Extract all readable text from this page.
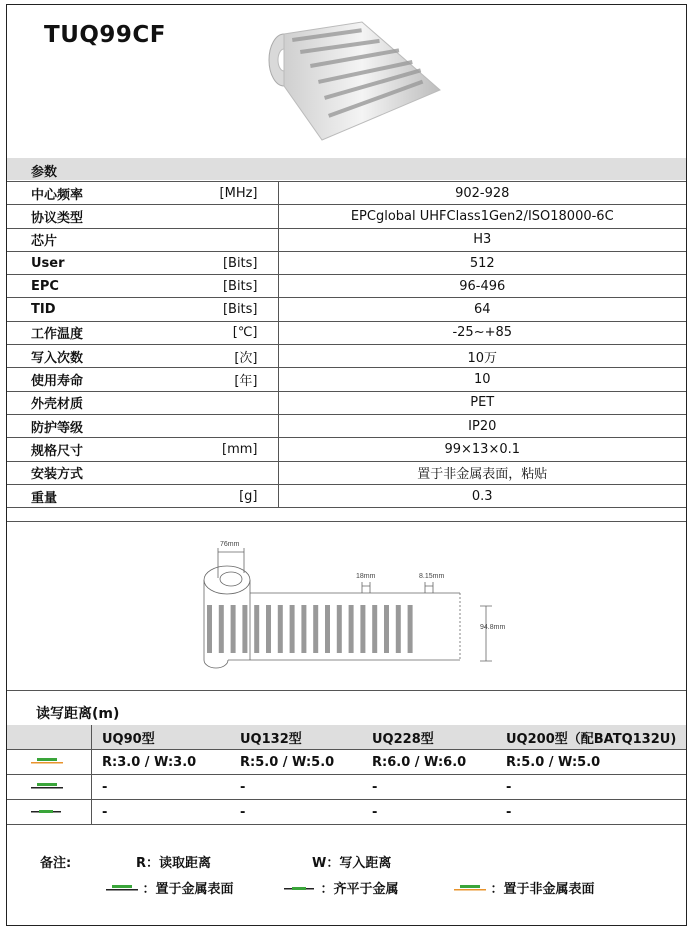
TUQ99CF
参数
中心频率	[MHz]	902-928
协议类型		EPCglobal UHFClass1Gen2/ISO18000-6C
芯片		H3
User	[Bits]	512
EPC	[Bits]	96-496
TID	[Bits]	64
工作温度	[℃]	-25~+85
写入次数	[次]	10万
使用寿命	[年]	10
外壳材质		PET
防护等级		IP20
规格尺寸	[mm]	99×13×0.1
安装方式		置于非金属表面，粘贴
重量	[g]	0.3
76mm
18mm	8.15mm
94.8mm
读写距离(m)
	UQ90型	UQ132型	UQ228型	UQ200型（配BATQ132U)
	R:3.0 / W:3.0	R:5.0 / W:5.0	R:6.0 / W:6.0	R:5.0 / W:5.0
	-	-	-	-
	-	-	-	-
备注:	R：读取距离	W：写入距离
：置于金属表面	：齐平于金属	：置于非金属表面
